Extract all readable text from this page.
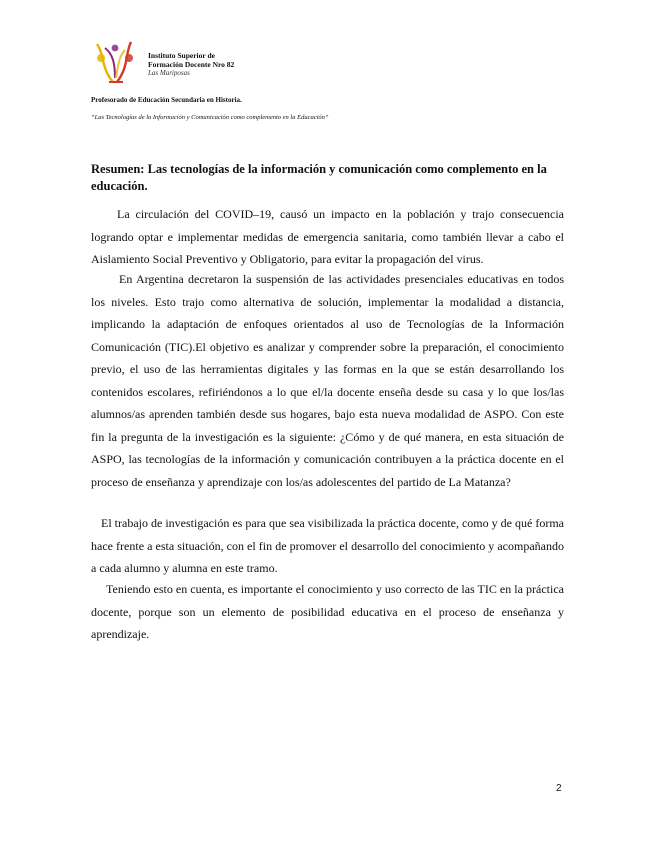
Instituto Superior de
Formación Docente Nro 82
Las Mariposas
Profesorado de Educación Secundaria en Historia.
“Las Tecnologías de la Información y Comunicación como complemento en la Educación”
Resumen: Las tecnologías de la información y comunicación como complemento en la educación.

La circulación del COVID–19, causó un impacto en la población y trajo consecuencia logrando optar e implementar medidas de emergencia sanitaria, como también llevar a cabo el Aislamiento Social Preventivo y Obligatorio, para evitar la propagación del virus.

En Argentina decretaron la suspensión de las actividades presenciales educativas en todos los niveles. Esto trajo como alternativa de solución, implementar la modalidad a distancia, implicando la adaptación de enfoques orientados al uso de Tecnologías de la Información Comunicación (TIC).El objetivo es analizar y comprender sobre la preparación, el conocimiento previo, el uso de las herramientas digitales y las formas en la que se están desarrollando los contenidos escolares, refiriéndonos a lo que el/la docente enseña desde su casa y lo que los/las alumnos/as aprenden también desde sus hogares, bajo esta nueva modalidad de ASPO. Con este fin la pregunta de la investigación es la siguiente: ¿Cómo y de qué manera, en esta situación de ASPO, las tecnologías de la información y comunicación contribuyen a la práctica docente en el proceso de enseñanza y aprendizaje con los/as adolescentes del partido de La Matanza?

El trabajo de investigación es para que sea visibilizada la práctica docente, como y de qué forma hace frente a esta situación, con el fin de promover el desarrollo del conocimiento y acompañando a cada alumno y alumna en este tramo.

Teniendo esto en cuenta, es importante el conocimiento y uso correcto de las TIC en la práctica docente, porque son un elemento de posibilidad educativa en el proceso de enseñanza y aprendizaje.

2
